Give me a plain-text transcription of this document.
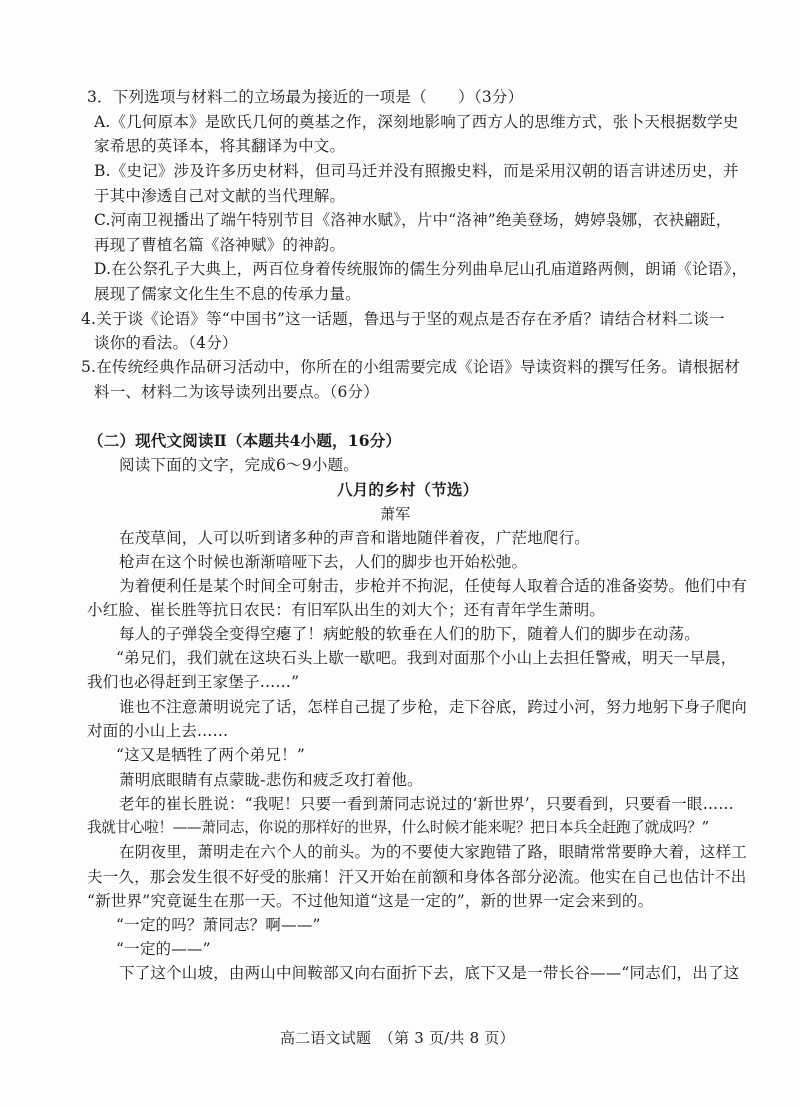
3．下列选项与材料二的立场最为接近的一项是（　　）（3分）
A.《几何原本》是欧氏几何的奠基之作，深刻地影响了西方人的思维方式，张卜天根据数学史
家希思的英译本，将其翻译为中文。
B.《史记》涉及许多历史材料，但司马迁并没有照搬史料，而是采用汉朝的语言讲述历史，并
于其中渗透自己对文献的当代理解。
C.河南卫视播出了端午特别节目《洛神水赋》，片中“洛神”绝美登场，娉婷袅娜，衣袂翩跹，
再现了曹植名篇《洛神赋》的神韵。
D.在公祭孔子大典上，两百位身着传统服饰的儒生分列曲阜尼山孔庙道路两侧，朗诵《论语》，
展现了儒家文化生生不息的传承力量。
4.关于谈《论语》等“中国书”这一话题，鲁迅与于坚的观点是否存在矛盾？请结合材料二谈一
谈你的看法。（4分）
5.在传统经典作品研习活动中，你所在的小组需要完成《论语》导读资料的撰写任务。请根据材
料一、材料二为该导读列出要点。（6分）
（二）现代文阅读Ⅱ（本题共4小题，16分）
阅读下面的文字，完成6～9小题。
八月的乡村（节选）
萧军
在茂草间，人可以听到诸多种的声音和谐地随伴着夜，广茫地爬行。
枪声在这个时候也渐渐喑哑下去，人们的脚步也开始松弛。
为着便利任是某个时间全可射击，步枪并不拘泥，任使每人取着合适的准备姿势。他们中有
小红脸、崔长胜等抗日农民：有旧军队出生的刘大个；还有青年学生萧明。
每人的子弹袋全变得空瘪了！病蛇般的软垂在人们的肋下，随着人们的脚步在动荡。
“弟兄们，我们就在这块石头上歇一歇吧。我到对面那个小山上去担任警戒，明天一早晨，
我们也必得赶到王家堡子……”
谁也不注意萧明说完了话，怎样自己提了步枪，走下谷底，跨过小河，努力地躬下身子爬向
对面的小山上去……
“这又是牺牲了两个弟兄！”
萧明底眼睛有点蒙眬-悲伤和疲乏攻打着他。
老年的崔长胜说：“我呢！只要一看到萧同志说过的‘新世界’，只要看到，只要看一眼……
我就甘心啦！——萧同志，你说的那样好的世界，什么时候才能来呢？把日本兵全赶跑了就成吗？”
在阴夜里，萧明走在六个人的前头。为的不要使大家跑错了路，眼睛常常要睁大着，这样工
夫一久，那会发生很不好受的胀痛！汗又开始在前额和身体各部分泌流。他实在自己也估计不出
“新世界”究竟诞生在那一天。不过他知道“这是一定的”，新的世界一定会来到的。
“一定的吗？萧同志？啊——”
“一定的——”
下了这个山坡，由两山中间鞍部又向右面折下去，底下又是一带长谷——“同志们，出了这
高二语文试题　（第 3 页/共 8 页）
